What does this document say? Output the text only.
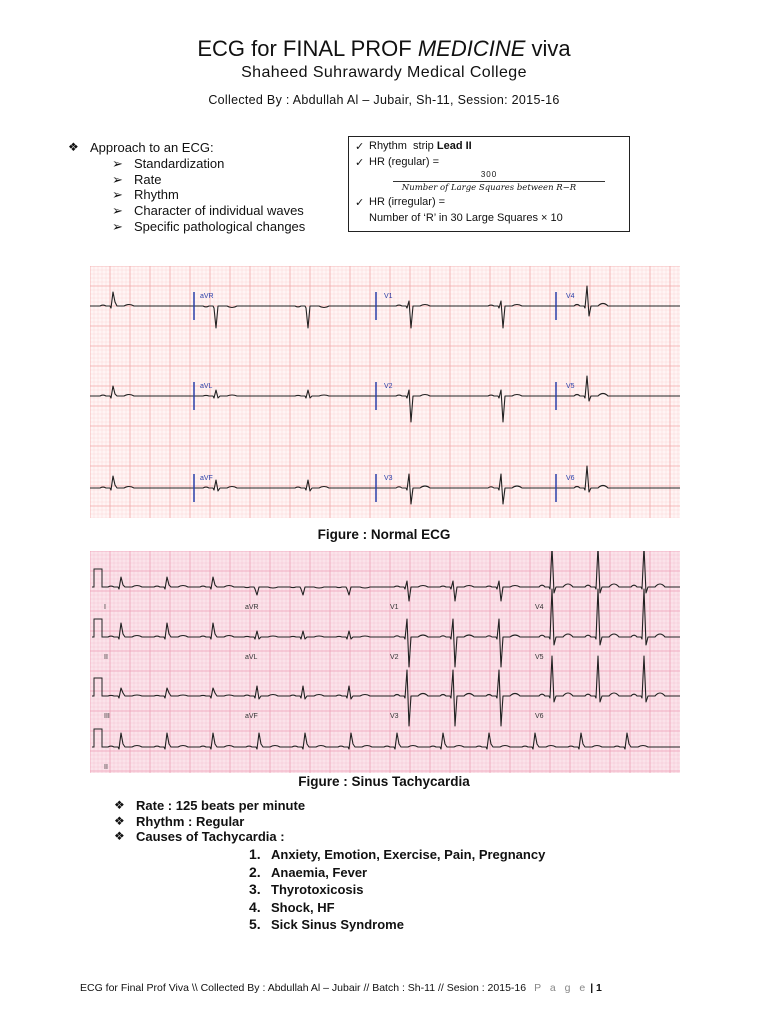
ECG for FINAL PROF MEDICINE viva
Shaheed Suhrawardy Medical College
Collected By : Abdullah Al – Jubair, Sh-11, Session: 2015-16
❖ Approach to an ECG:
➢ Standardization
➢ Rate
➢ Rhythm
➢ Character of individual waves
➢ Specific pathological changes
✓ Rhythm  strip Lead II
✓ HR (regular) =
300
Number of Large Squares between R−R
✓ HR (irregular) =
Number of ‘R’ in 30 Large Squares × 10
aVR	V1	V4
aVL	V2	V5
aVF	V3	V6
Figure : Normal ECG
I	aVR	V1	V4
II	aVL	V2	V5
III	aVF	V3	V6
II
Figure : Sinus Tachycardia
❖ Rate : 125 beats per minute
❖ Rhythm : Regular
❖ Causes of Tachycardia :
1. Anxiety, Emotion, Exercise, Pain, Pregnancy
2. Anaemia, Fever
3. Thyrotoxicosis
4. Shock, HF
5. Sick Sinus Syndrome
ECG for Final Prof Viva \\ Collected By : Abdullah Al – Jubair // Batch : Sh-11 // Sesion : 2015-16 P a g e | 1
